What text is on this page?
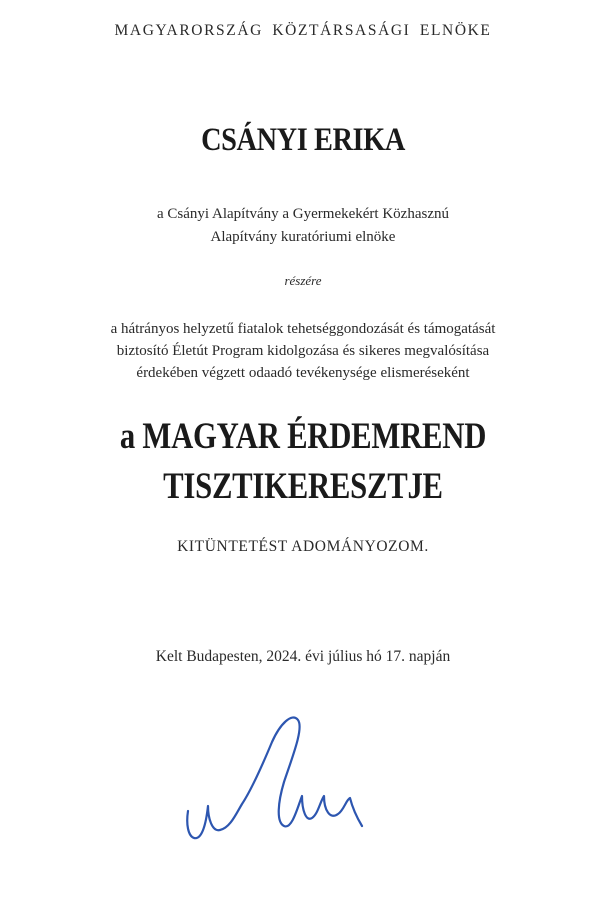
MAGYARORSZÁG KÖZTÁRSASÁGI ELNÖKE
CSÁNYI ERIKA
a Csányi Alapítvány a Gyermekekért Közhasznú
Alapítvány kuratóriumi elnöke
részére
a hátrányos helyzetű fiatalok tehetséggondozását és támogatását
biztosító Életút Program kidolgozása és sikeres megvalósítása
érdekében végzett odaadó tevékenysége elismeréseként
a MAGYAR ÉRDEMREND
TISZTIKERESZTJE
KITÜNTETÉST ADOMÁNYOZOM.
Kelt Budapesten, 2024. évi július hó 17. napján
